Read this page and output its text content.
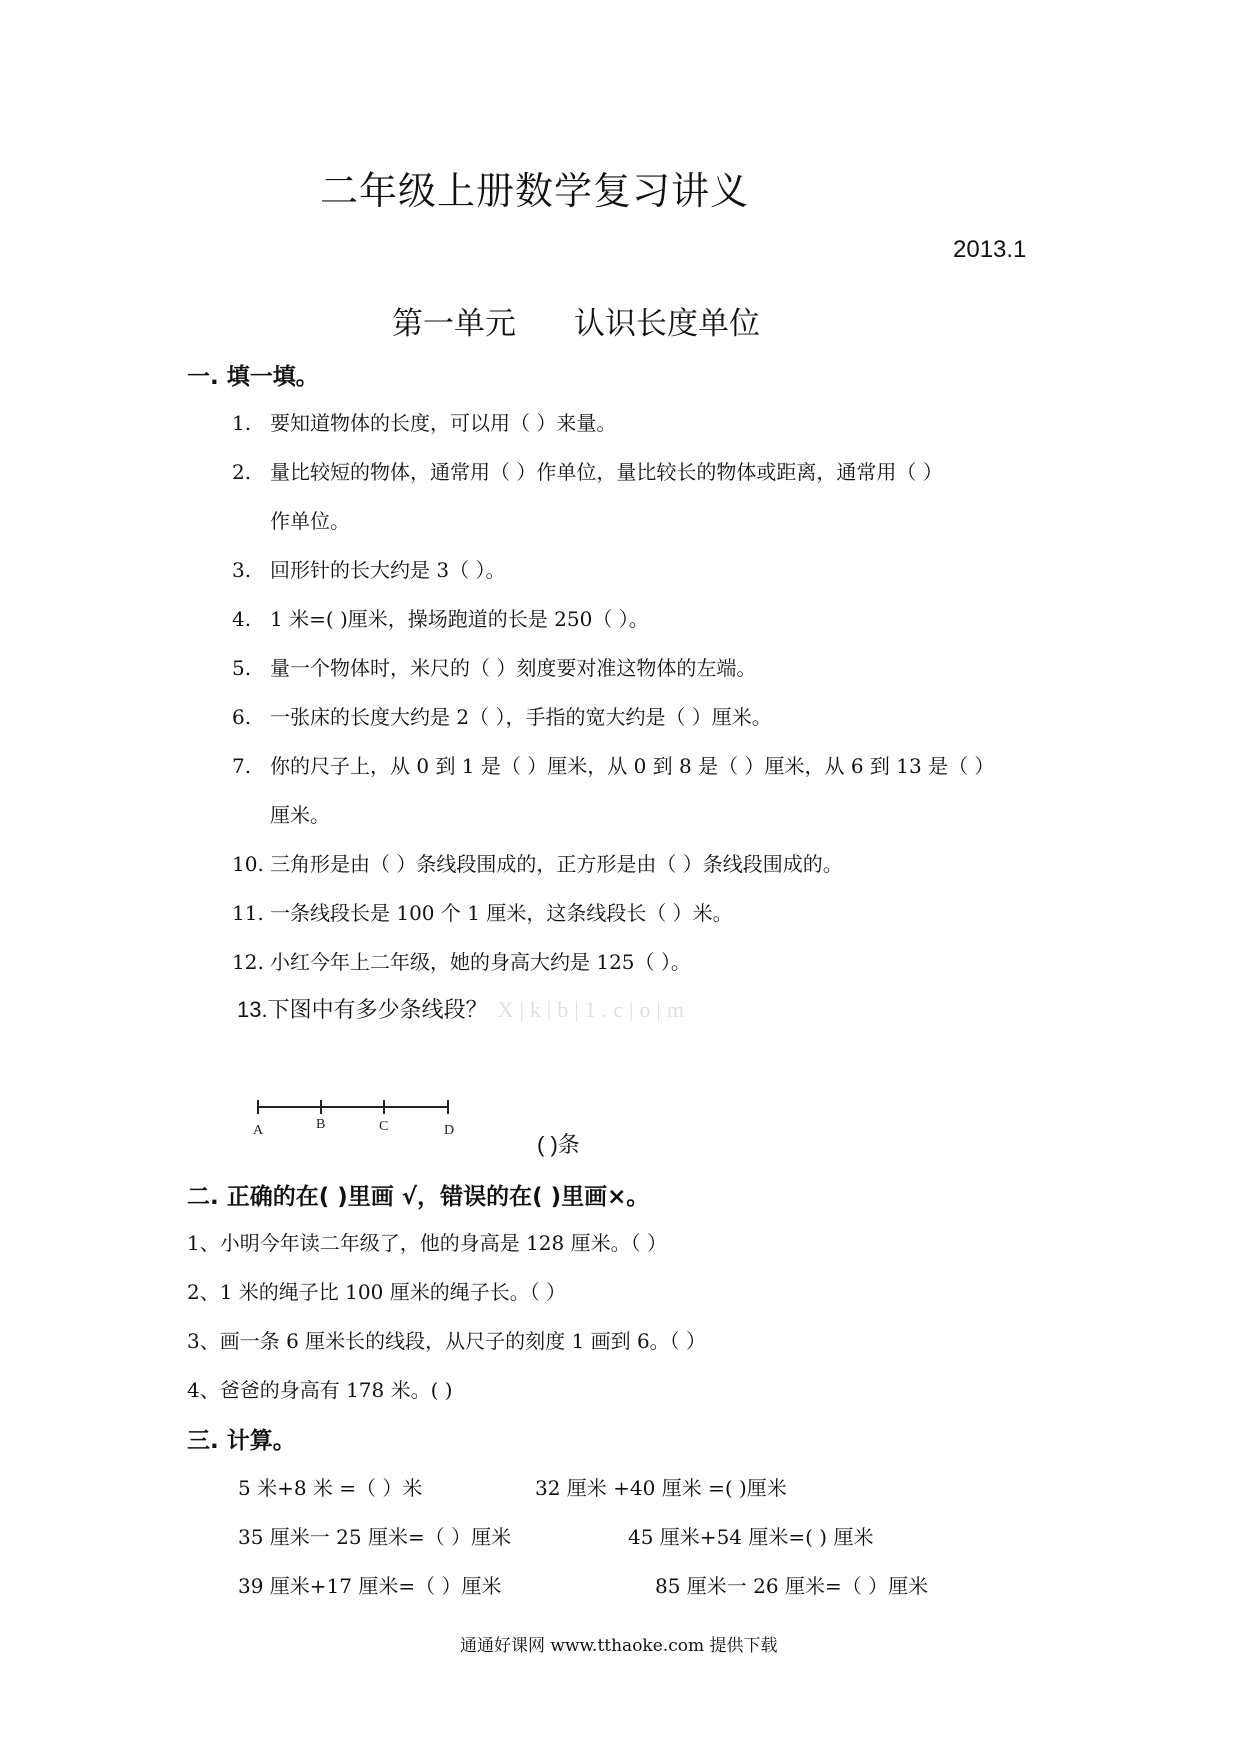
二年级上册数学复习讲义
2013.1
第一单元 认识长度单位
一. 填一填。
1. 要知道物体的长度，可以用（ ）来量。
2. 量比较短的物体，通常用（ ）作单位，量比较长的物体或距离，通常用（ ）
作单位。
3. 回形针的长大约是 3（ ）。
4. 1 米=( )厘米，操场跑道的长是 250（ ）。
5. 量一个物体时，米尺的（ ）刻度要对准这物体的左端。
6. 一张床的长度大约是 2（ ），手指的宽大约是（ ）厘米。
7. 你的尺子上，从 0 到 1 是（ ）厘米，从 0 到 8 是（ ）厘米，从 6 到 13 是（ ）
厘米。
10. 三角形是由（ ）条线段围成的，正方形是由（ ）条线段围成的。
11. 一条线段长是 100 个 1 厘米，这条线段长（ ）米。
12. 小红今年上二年级，她的身高大约是 125（ ）。
13.下图中有多少条线段？ X|k|b|1.c|o|m
A	B	C	D
( )条
二. 正确的在( )里画 √，错误的在( )里画×。
1、小明今年读二年级了，他的身高是 128 厘米。（ ）
2、1 米的绳子比 100 厘米的绳子长。（ ）
3、画一条 6 厘米长的线段，从尺子的刻度 1 画到 6。（ ）
4、爸爸的身高有 178 米。( )
三. 计算。
5 米+8 米 =（ ）米	32 厘米 +40 厘米 =( )厘米
35 厘米一 25 厘米=（ ）厘米	45 厘米+54 厘米=( ) 厘米
39 厘米+17 厘米=（ ）厘米	85 厘米一 26 厘米=（ ）厘米
通通好课网 www.tthaoke.com 提供下载
